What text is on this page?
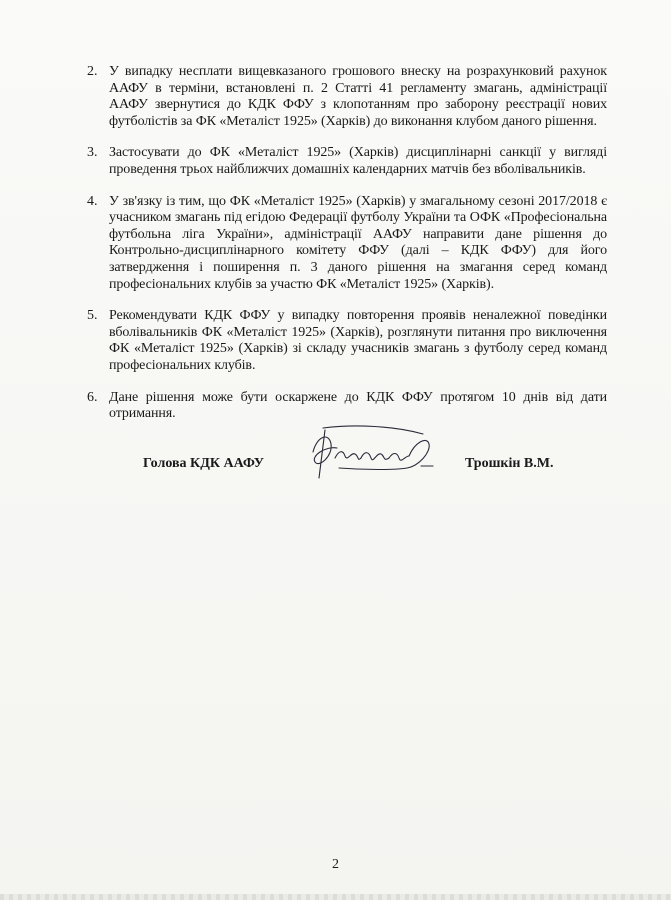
2. У випадку несплати вищевказаного грошового внеску на розрахунковий рахунок ААФУ в терміни, встановлені п. 2 Статті 41 регламенту змагань, адміністрації ААФУ звернутися до КДК ФФУ з клопотанням про заборону реєстрації нових футболістів за ФК «Металіст 1925» (Харків) до виконання клубом даного рішення.
3. Застосувати до ФК «Металіст 1925» (Харків) дисциплінарні санкції у вигляді проведення трьох найближчих домашніх календарних матчів без вболівальників.
4. У зв'язку із тим, що ФК «Металіст 1925» (Харків) у змагальному сезоні 2017/2018 є учасником змагань під егідою Федерації футболу України та ОФК «Професіональна футбольна ліга України», адміністрації ААФУ направити дане рішення до Контрольно-дисциплінарного комітету ФФУ (далі – КДК ФФУ) для його затвердження і поширення п. 3 даного рішення на змагання серед команд професіональних клубів за участю ФК «Металіст 1925» (Харків).
5. Рекомендувати КДК ФФУ у випадку повторення проявів неналежної поведінки вболівальників ФК «Металіст 1925» (Харків), розглянути питання про виключення ФК «Металіст 1925» (Харків) зі складу учасників змагань з футболу серед команд професіональних клубів.
6. Дане рішення може бути оскаржене до КДК ФФУ протягом 10 днів від дати отримання.
Голова КДК ААФУ	Трошкін В.М.
2
